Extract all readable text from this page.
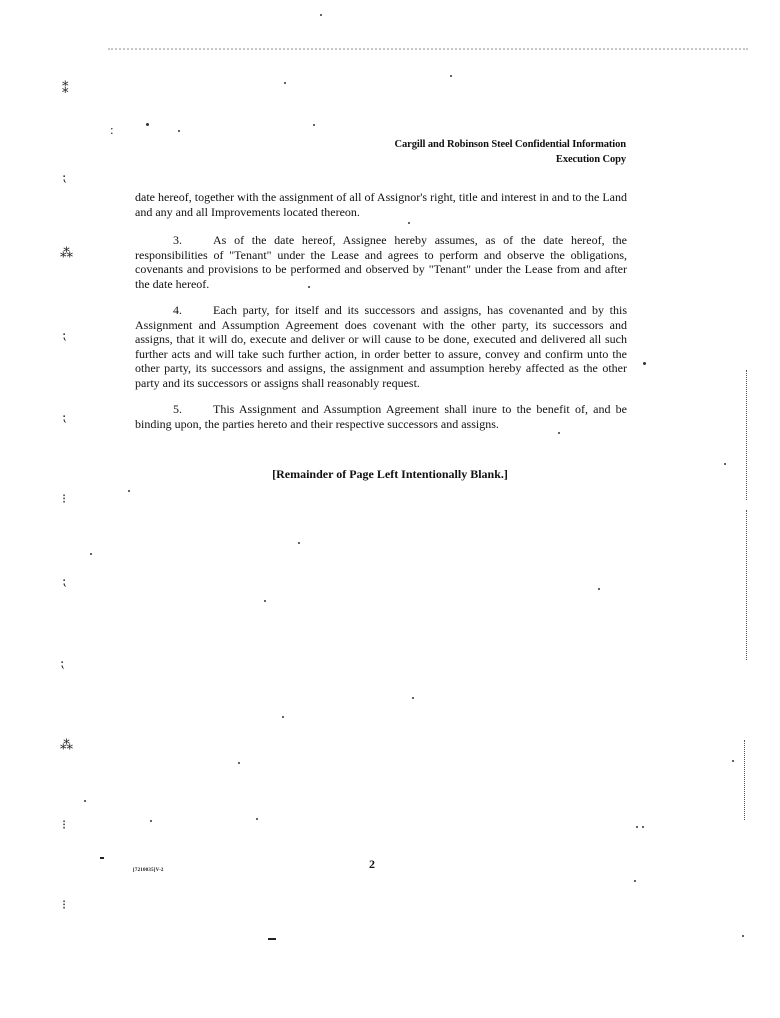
Cargill and Robinson Steel Confidential Information
Execution Copy

date hereof, together with the assignment of all of Assignor's right, title and interest in and to the Land and any and all Improvements located thereon.

3.	As of the date hereof, Assignee hereby assumes, as of the date hereof, the responsibilities of "Tenant" under the Lease and agrees to perform and observe the obligations, covenants and provisions to be performed and observed by "Tenant" under the Lease from and after the date hereof.

4.	Each party, for itself and its successors and assigns, has covenanted and by this Assignment and Assumption Agreement does covenant with the other party, its successors and assigns, that it will do, execute and deliver or will cause to be done, executed and delivered all such further acts and will take such further action, in order better to assure, convey and confirm unto the other party, its successors and assigns, the assignment and assumption hereby affected as the other party and its successors or assigns shall reasonably request.

5.	This Assignment and Assumption Agreement shall inure to the benefit of, and be binding upon, the parties hereto and their respective successors and assigns.

[Remainder of Page Left Intentionally Blank.]
2
[7210035]V-2
⁑
⁏
⁂
⁏
⁏
⁝
⁏
⁏
⁂
⁝
⁝
:
